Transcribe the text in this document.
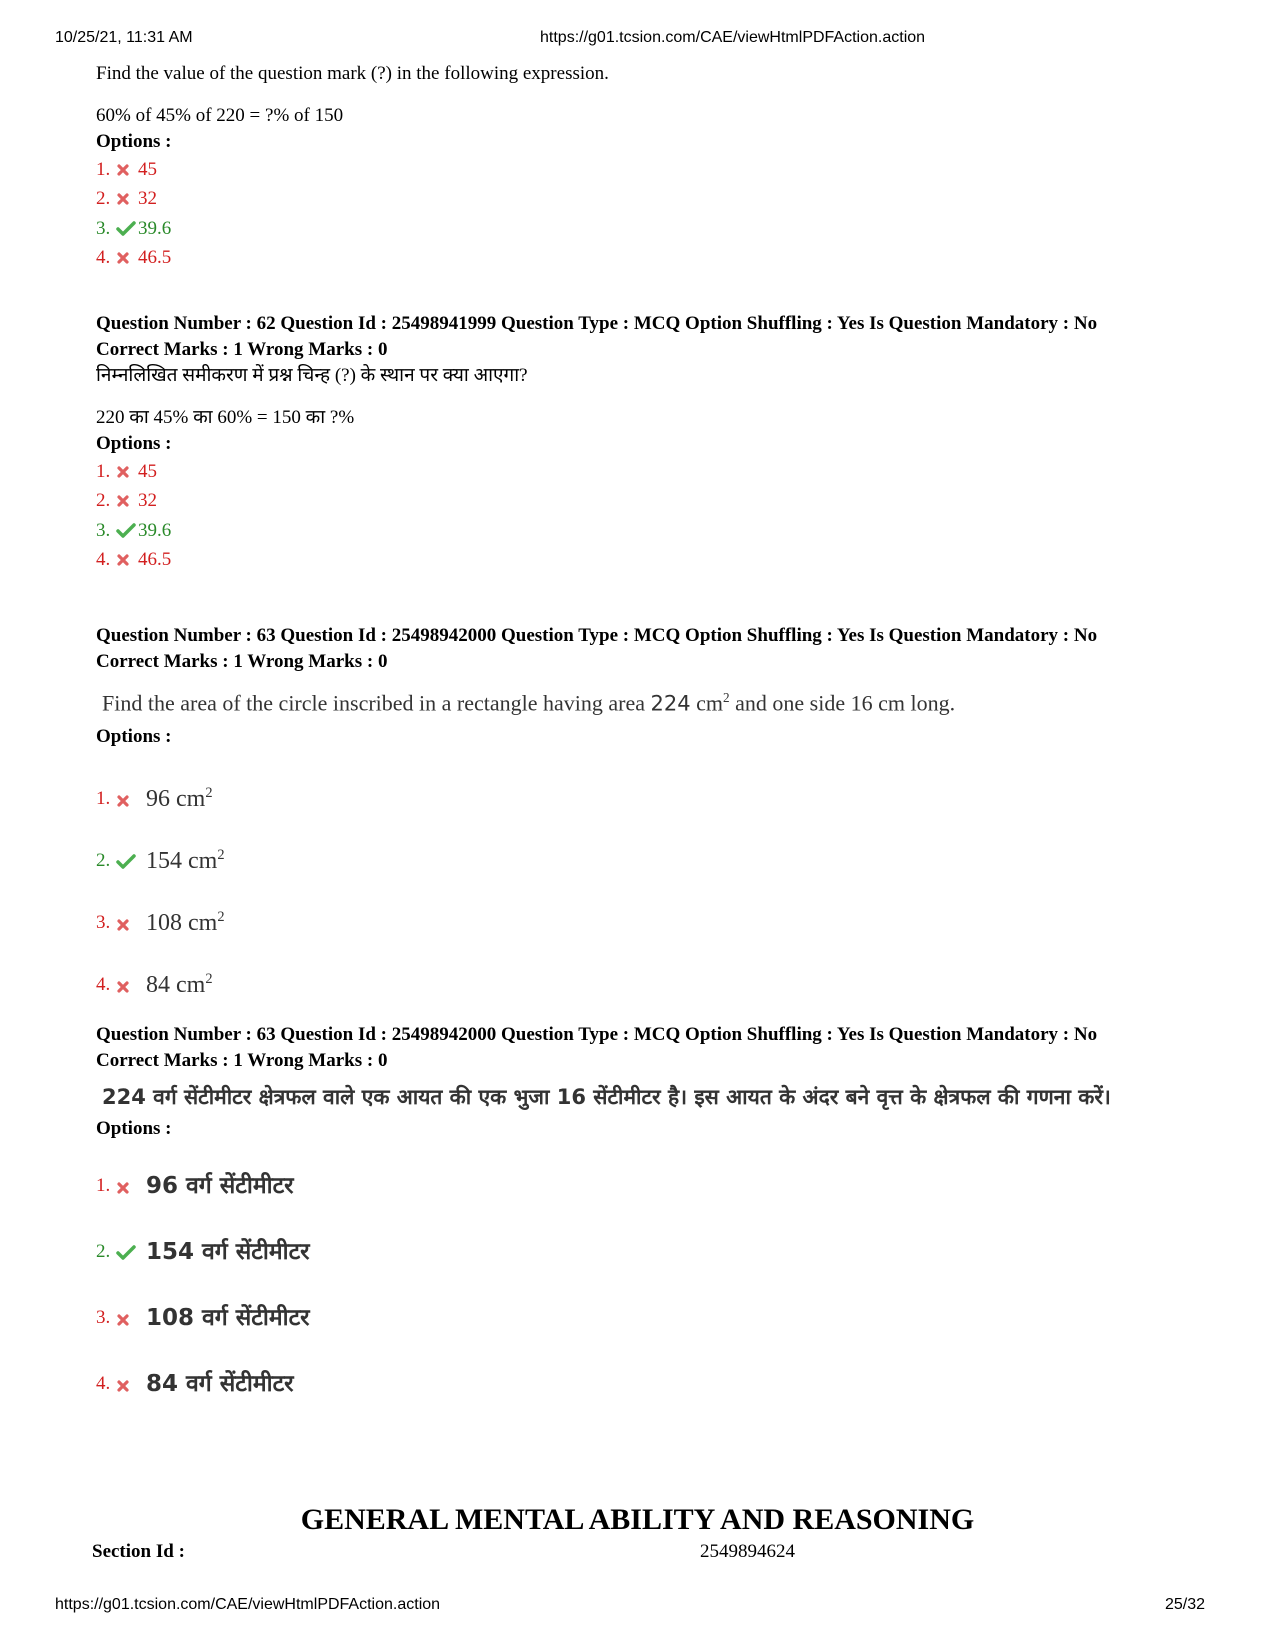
10/25/21, 11:31 AM	https://g01.tcsion.com/CAE/viewHtmlPDFAction.action

Find the value of the question mark (?) in the following expression.

60% of 45% of 220 = ?% of 150

Options :
1.	45
2.	32
3.	39.6
4.	46.5
Question Number : 62 Question Id : 25498941999 Question Type : MCQ Option Shuffling : Yes Is Question Mandatory : No
Correct Marks : 1 Wrong Marks : 0

निम्नलिखित समीकरण में प्रश्न चिन्ह (?) के स्थान पर क्या आएगा?

220 का 45% का 60% = 150 का ?%

Options :
1.	45
2.	32
3.	39.6
4.	46.5
Question Number : 63 Question Id : 25498942000 Question Type : MCQ Option Shuffling : Yes Is Question Mandatory : No
Correct Marks : 1 Wrong Marks : 0
Find the area of the circle inscribed in a rectangle having area 224 $cm^2$ and one side 16 cm long.
Options :
1. 96 $cm^2$
2. 154 $cm^2$
3. 108 $cm^2$
4. 84 $cm^2$
Question Number : 63 Question Id : 25498942000 Question Type : MCQ Option Shuffling : Yes Is Question Mandatory : No
Correct Marks : 1 Wrong Marks : 0
224 वर्ग सेंटीमीटर क्षेत्रफल वाले एक आयत की एक भुजा 16 सेंटीमीटर है। इस आयत के अंदर बने वृत्त के क्षेत्रफल की गणना करें।
Options :
1. 96 वर्ग सेंटीमीटर
2. 154 वर्ग सेंटीमीटर
3. 108 वर्ग सेंटीमीटर
4. 84 वर्ग सेंटीमीटर
GENERAL MENTAL ABILITY AND REASONING
Section Id :	2549894624
https://g01.tcsion.com/CAE/viewHtmlPDFAction.action	25/32
